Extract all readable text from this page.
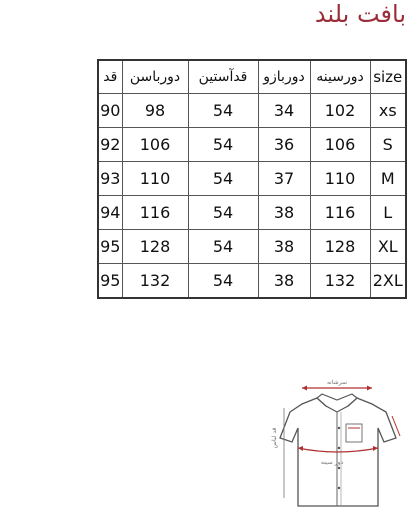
بافت بلند
قد	دورباسن	قدآستین	دوربازو	دورسینه	size
90	98	54	34	102	xs
92	106	54	36	106	S
93	110	54	37	110	M
94	116	54	38	116	L
95	128	54	38	128	XL
95	132	54	38	132	2XL
سرشانه
قد لباس
دور سینه
